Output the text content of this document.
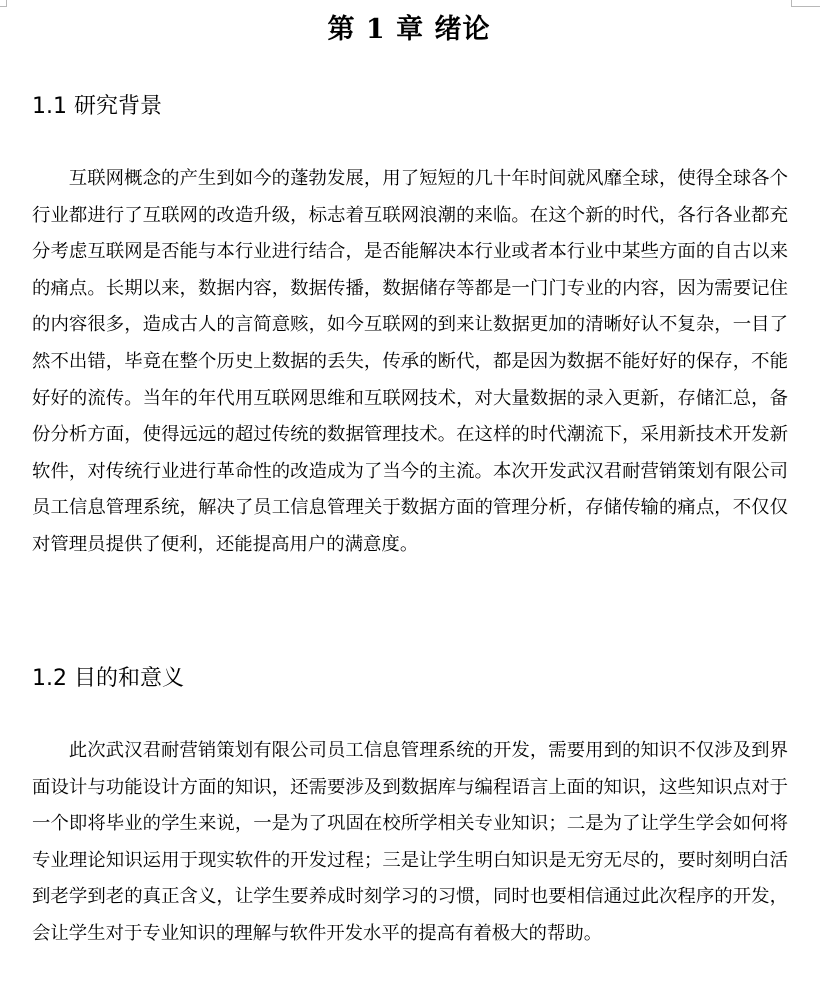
第 1 章 绪论
1.1 研究背景

互联网概念的产生到如今的蓬勃发展，用了短短的几十年时间就风靡全球，使得全球各个行业都进行了互联网的改造升级，标志着互联网浪潮的来临。在这个新的时代，各行各业都充分考虑互联网是否能与本行业进行结合，是否能解决本行业或者本行业中某些方面的自古以来的痛点。长期以来，数据内容，数据传播，数据储存等都是一门门专业的内容，因为需要记住的内容很多，造成古人的言简意赅，如今互联网的到来让数据更加的清晰好认不复杂，一目了然不出错，毕竟在整个历史上数据的丢失，传承的断代，都是因为数据不能好好的保存，不能好好的流传。当年的年代用互联网思维和互联网技术，对大量数据的录入更新，存储汇总，备份分析方面，使得远远的超过传统的数据管理技术。在这样的时代潮流下，采用新技术开发新软件，对传统行业进行革命性的改造成为了当今的主流。本次开发武汉君耐营销策划有限公司员工信息管理系统，解决了员工信息管理关于数据方面的管理分析，存储传输的痛点，不仅仅对管理员提供了便利，还能提高用户的满意度。

1.2 目的和意义

此次武汉君耐营销策划有限公司员工信息管理系统的开发，需要用到的知识不仅涉及到界面设计与功能设计方面的知识，还需要涉及到数据库与编程语言上面的知识，这些知识点对于一个即将毕业的学生来说，一是为了巩固在校所学相关专业知识；二是为了让学生学会如何将专业理论知识运用于现实软件的开发过程；三是让学生明白知识是无穷无尽的，要时刻明白活到老学到老的真正含义，让学生要养成时刻学习的习惯，同时也要相信通过此次程序的开发，会让学生对于专业知识的理解与软件开发水平的提高有着极大的帮助。
